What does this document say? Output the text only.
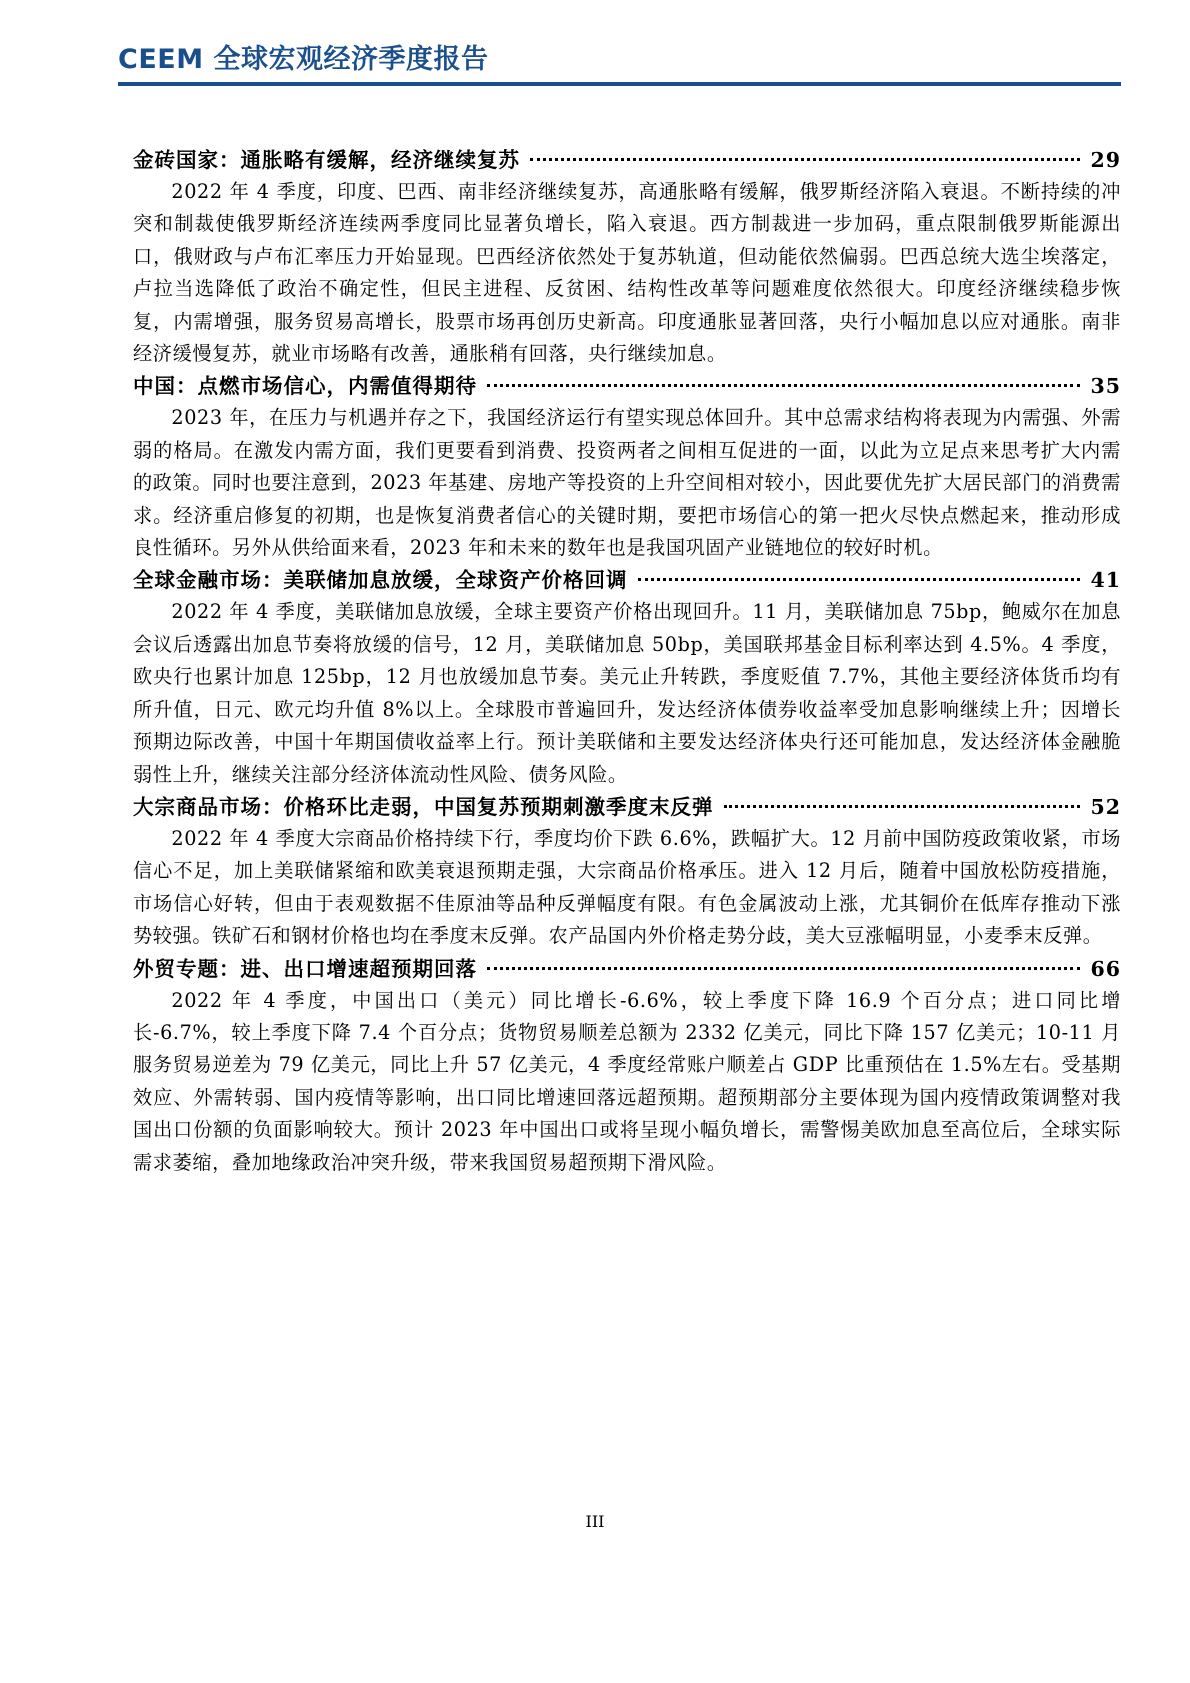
CEEM 全球宏观经济季度报告
金砖国家：通胀略有缓解，经济继续复苏	29

2022 年 4 季度，印度、巴西、南非经济继续复苏，高通胀略有缓解，俄罗斯经济陷入衰退。不断持续的冲突和制裁使俄罗斯经济连续两季度同比显著负增长，陷入衰退。西方制裁进一步加码，重点限制俄罗斯能源出口，俄财政与卢布汇率压力开始显现。巴西经济依然处于复苏轨道，但动能依然偏弱。巴西总统大选尘埃落定，卢拉当选降低了政治不确定性，但民主进程、反贫困、结构性改革等问题难度依然很大。印度经济继续稳步恢复，内需增强，服务贸易高增长，股票市场再创历史新高。印度通胀显著回落，央行小幅加息以应对通胀。南非经济缓慢复苏，就业市场略有改善，通胀稍有回落，央行继续加息。

中国：点燃市场信心，内需值得期待	35

2023 年，在压力与机遇并存之下，我国经济运行有望实现总体回升。其中总需求结构将表现为内需强、外需弱的格局。在激发内需方面，我们更要看到消费、投资两者之间相互促进的一面，以此为立足点来思考扩大内需的政策。同时也要注意到，2023 年基建、房地产等投资的上升空间相对较小，因此要优先扩大居民部门的消费需求。经济重启修复的初期，也是恢复消费者信心的关键时期，要把市场信心的第一把火尽快点燃起来，推动形成良性循环。另外从供给面来看，2023 年和未来的数年也是我国巩固产业链地位的较好时机。

全球金融市场：美联储加息放缓，全球资产价格回调	41

2022 年 4 季度，美联储加息放缓，全球主要资产价格出现回升。11 月，美联储加息 75bp，鲍威尔在加息会议后透露出加息节奏将放缓的信号，12 月，美联储加息 50bp，美国联邦基金目标利率达到 4.5%。4 季度，欧央行也累计加息 125bp，12 月也放缓加息节奏。美元止升转跌，季度贬值 7.7%，其他主要经济体货币均有所升值，日元、欧元均升值 8%以上。全球股市普遍回升，发达经济体债券收益率受加息影响继续上升；因增长预期边际改善，中国十年期国债收益率上行。预计美联储和主要发达经济体央行还可能加息，发达经济体金融脆弱性上升，继续关注部分经济体流动性风险、债务风险。

大宗商品市场：价格环比走弱，中国复苏预期刺激季度末反弹	52

2022 年 4 季度大宗商品价格持续下行，季度均价下跌 6.6%，跌幅扩大。12 月前中国防疫政策收紧，市场信心不足，加上美联储紧缩和欧美衰退预期走强，大宗商品价格承压。进入 12 月后，随着中国放松防疫措施，市场信心好转，但由于表观数据不佳原油等品种反弹幅度有限。有色金属波动上涨，尤其铜价在低库存推动下涨势较强。铁矿石和钢材价格也均在季度末反弹。农产品国内外价格走势分歧，美大豆涨幅明显，小麦季末反弹。

外贸专题：进、出口增速超预期回落	66

2022 年 4 季度，中国出口（美元）同比增长-6.6%，较上季度下降 16.9 个百分点；进口同比增长-6.7%，较上季度下降 7.4 个百分点；货物贸易顺差总额为 2332 亿美元，同比下降 157 亿美元；10-11 月服务贸易逆差为 79 亿美元，同比上升 57 亿美元，4 季度经常账户顺差占 GDP 比重预估在 1.5%左右。受基期效应、外需转弱、国内疫情等影响，出口同比增速回落远超预期。超预期部分主要体现为国内疫情政策调整对我国出口份额的负面影响较大。预计 2023 年中国出口或将呈现小幅负增长，需警惕美欧加息至高位后，全球实际需求萎缩，叠加地缘政治冲突升级，带来我国贸易超预期下滑风险。

III
